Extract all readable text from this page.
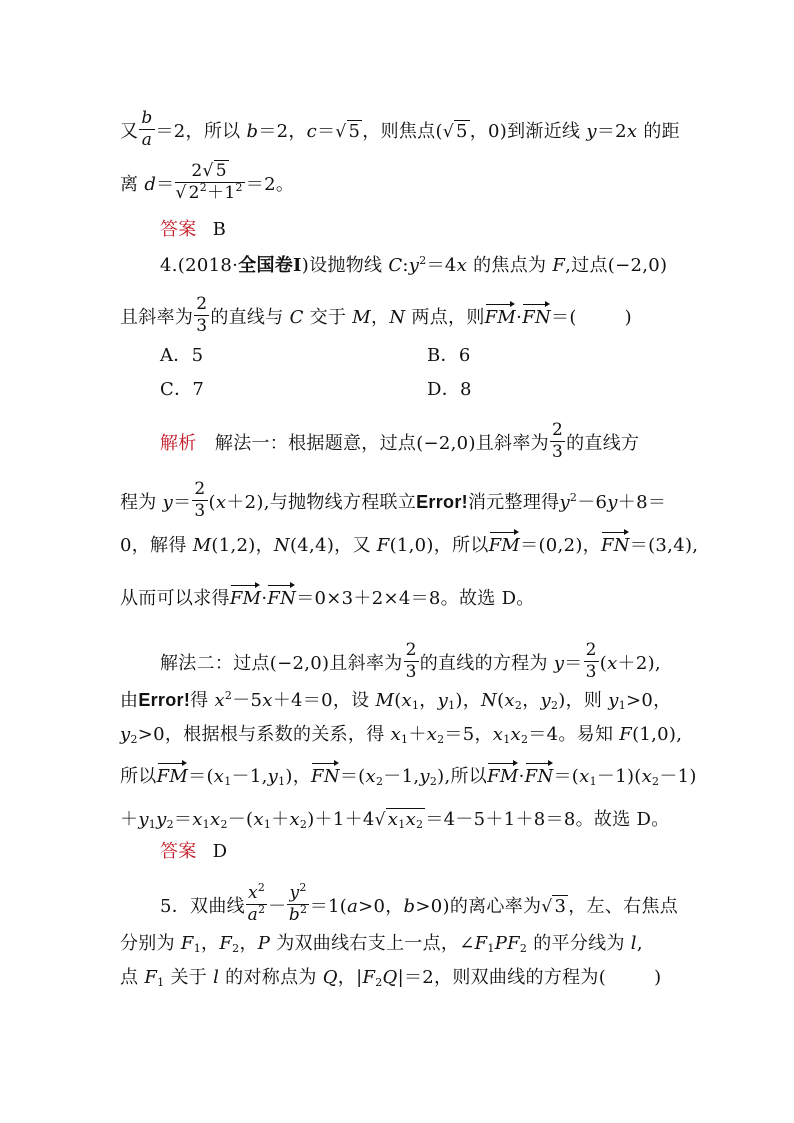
又 $\frac{b}{a} =2$，所以 b＝2，c＝√ 5 ，则焦点(√ 5 ，0)到渐近线 y＝2x 的距
离 $d= \frac{2√ 5}{√ 2^2+1^2} =2$。
答案 B
4.(2018·全国卷Ⅰ)设抛物线 $C:y^2=4x$ 的焦点为 F,过点(−2,0)
且斜率为 $\frac{2}{3}$ 的直线与 C 交于 M，N 两点，则FM·FN＝(	)
A．5	B．6
C．7	D．8
解析　解法一：根据题意，过点(−2,0)且斜率为 $\frac{2}{3}$ 的直线方
程为 $y= \frac{2}{3} (x+2)$,与抛物线方程联立Error!消元整理得$y^2-6y+8=$
0，解得 M(1,2)，N(4,4)，又 F(1,0)，所以FM＝(0,2)，FN＝(3,4),
从而可以求得FM·FN＝0×3＋2×4＝8。故选 D。
解法二：过点(−2,0)且斜率为 $\frac{2}{3}$ 的直线的方程为 $y= \frac{2}{3} (x+2)$,
由Error!得 $x^2-5x+4=0$，设 $M(x_1$，$y_1$)，$N(x_2$，$y_2$)，则 $y_1>0$，
$y_2>0$，根据根与系数的关系，得 $x_1+x_2=5$，$x_1x_2=4$。易知 F(1,0),
所以$FM=(x_1-1,y_1)$，$FN=(x_2-1,y_2)$,所以$FM\cdot FN=(x_1-1)(x_2-1)$
$+y_1y_2=x_1x_2-(x_1+x_2)+1+4√$ $x_1x_2 =4-5+1+8=8$。故选 D。
答案 D
5．双曲线 $\frac{x^2}{a^2} - \frac{y^2}{b^2} =1(a>0$，b>0)的离心率为√ 3 ，左、右焦点
分别为 $F_1$，$F_2$，P 为双曲线右支上一点，$\angle F_1PF_2$ 的平分线为 l,
点 $F_1$ 关于 l 的对称点为 Q，$|F_2Q|=2$，则双曲线的方程为(	)
